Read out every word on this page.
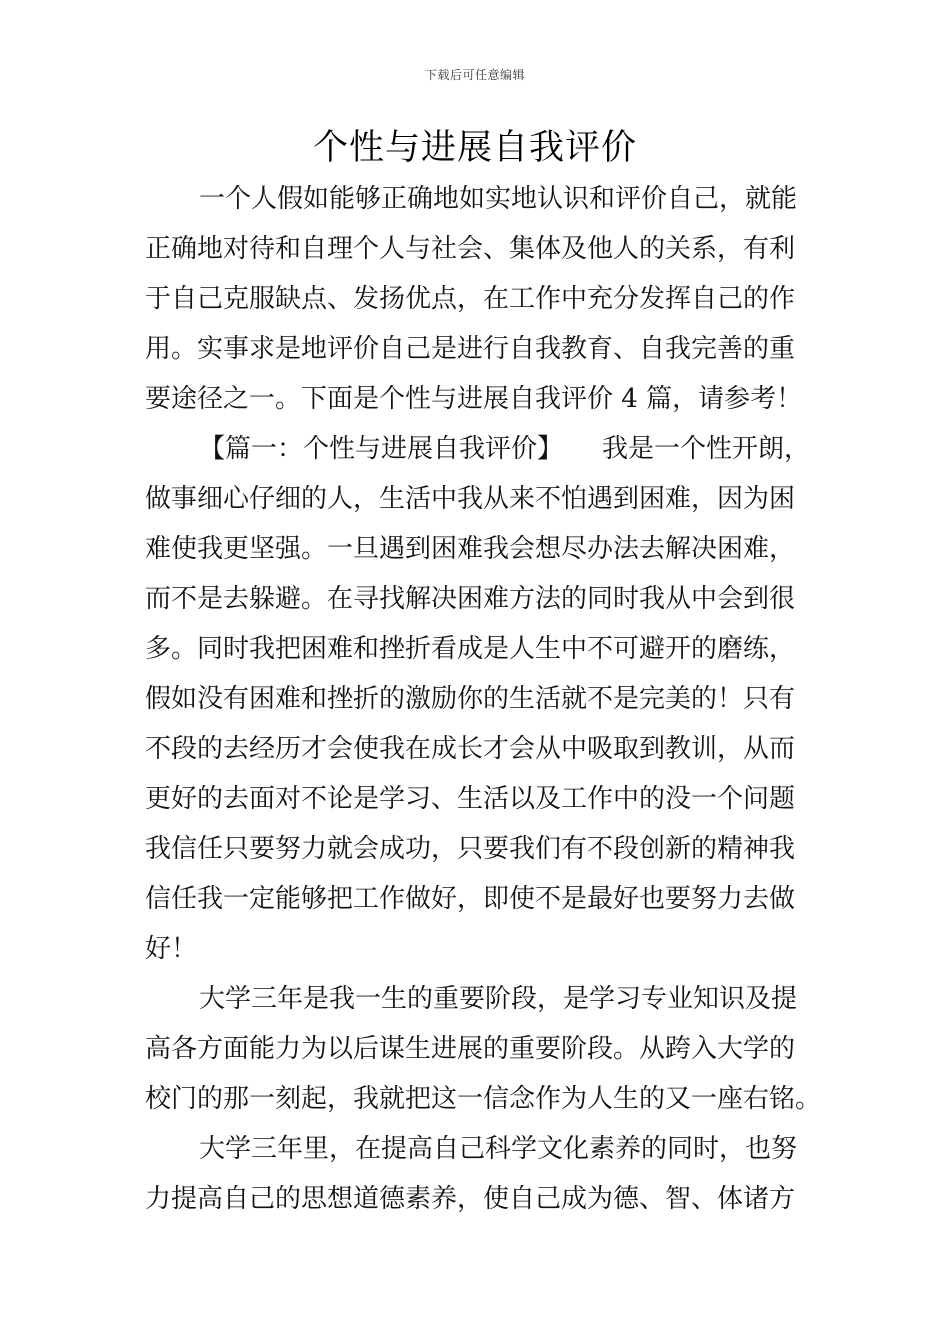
下载后可任意编辑
个性与进展自我评价
一个人假如能够正确地如实地认识和评价自己，就能
正确地对待和自理个人与社会、集体及他人的关系，有利
于自己克服缺点、发扬优点，在工作中充分发挥自己的作
用。实事求是地评价自己是进行自我教育、自我完善的重
要途径之一。下面是个性与进展自我评价 4 篇，请参考！
【篇一：个性与进展自我评价】　　我是一个性开朗，
做事细心仔细的人，生活中我从来不怕遇到困难，因为困
难使我更坚强。一旦遇到困难我会想尽办法去解决困难，
而不是去躲避。在寻找解决困难方法的同时我从中会到很
多。同时我把困难和挫折看成是人生中不可避开的磨练，
假如没有困难和挫折的激励你的生活就不是完美的！只有
不段的去经历才会使我在成长才会从中吸取到教训，从而
更好的去面对不论是学习、生活以及工作中的没一个问题
我信任只要努力就会成功，只要我们有不段创新的精神我
信任我一定能够把工作做好，即使不是最好也要努力去做
好！
大学三年是我一生的重要阶段，是学习专业知识及提
高各方面能力为以后谋生进展的重要阶段。从跨入大学的
校门的那一刻起，我就把这一信念作为人生的又一座右铭。
大学三年里，在提高自己科学文化素养的同时，也努
力提高自己的思想道德素养，使自己成为德、智、体诸方
